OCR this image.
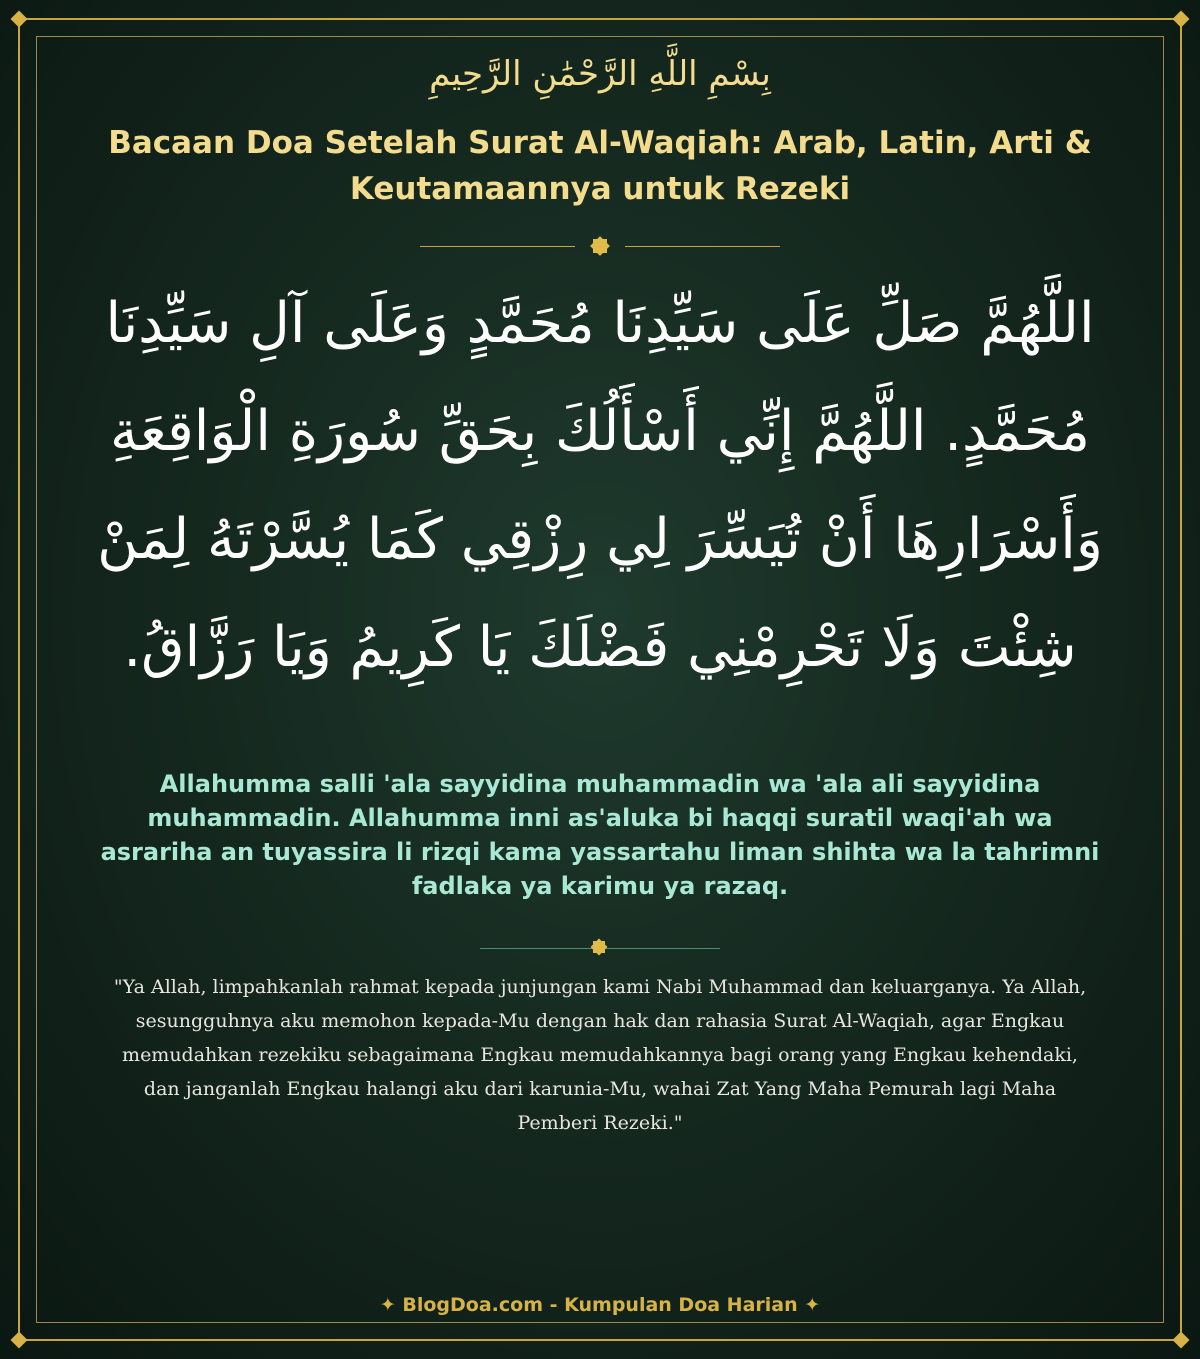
بِسْمِ اللَّهِ الرَّحْمَٰنِ الرَّحِيمِ
Bacaan Doa Setelah Surat Al-Waqiah: Arab, Latin, Arti & Keutamaannya untuk Rezeki
اللَّهُمَّ صَلِّ عَلَى سَيِّدِنَا مُحَمَّدٍ وَعَلَى آلِ سَيِّدِنَا مُحَمَّدٍ. اللَّهُمَّ إِنِّي أَسْأَلُكَ بِحَقِّ سُورَةِ الْوَاقِعَةِ وَأَسْرَارِهَا أَنْ تُيَسِّرَ لِي رِزْقِي كَمَا يُسَّرْتَهُ لِمَنْ شِئْتَ وَلَا تَحْرِمْنِي فَضْلَكَ يَا كَرِيمُ وَيَا رَزَّاقُ.
Allahumma salli 'ala sayyidina muhammadin wa 'ala ali sayyidina muhammadin. Allahumma inni as'aluka bi haqqi suratil waqi'ah wa asrariha an tuyassira li rizqi kama yassartahu liman shihta wa la tahrimni fadlaka ya karimu ya razaq.
"Ya Allah, limpahkanlah rahmat kepada junjungan kami Nabi Muhammad dan keluarganya. Ya Allah, sesungguhnya aku memohon kepada-Mu dengan hak dan rahasia Surat Al-Waqiah, agar Engkau memudahkan rezekiku sebagaimana Engkau memudahkannya bagi orang yang Engkau kehendaki, dan janganlah Engkau halangi aku dari karunia-Mu, wahai Zat Yang Maha Pemurah lagi Maha Pemberi Rezeki."
✦ BlogDoa.com - Kumpulan Doa Harian ✦
